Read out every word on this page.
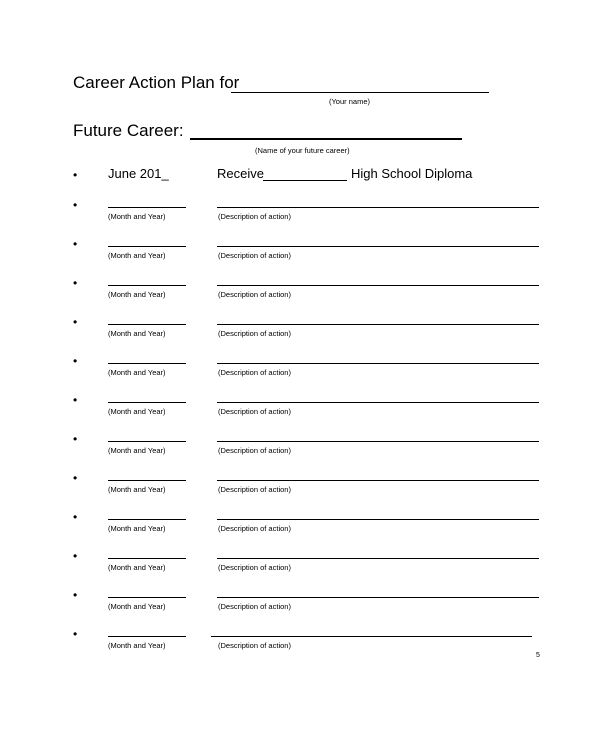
Career Action Plan for
(Your name)
Future Career:
(Name of your future career)
• June 201_	Receive	High School Diploma
•
(Month and Year)	(Description of action)
•
(Month and Year)	(Description of action)
•
(Month and Year)	(Description of action)
•
(Month and Year)	(Description of action)
•
(Month and Year)	(Description of action)
•
(Month and Year)	(Description of action)
•
(Month and Year)	(Description of action)
•
(Month and Year)	(Description of action)
•
(Month and Year)	(Description of action)
•
(Month and Year)	(Description of action)
•
(Month and Year)	(Description of action)
•
(Month and Year)	(Description of action)
5
